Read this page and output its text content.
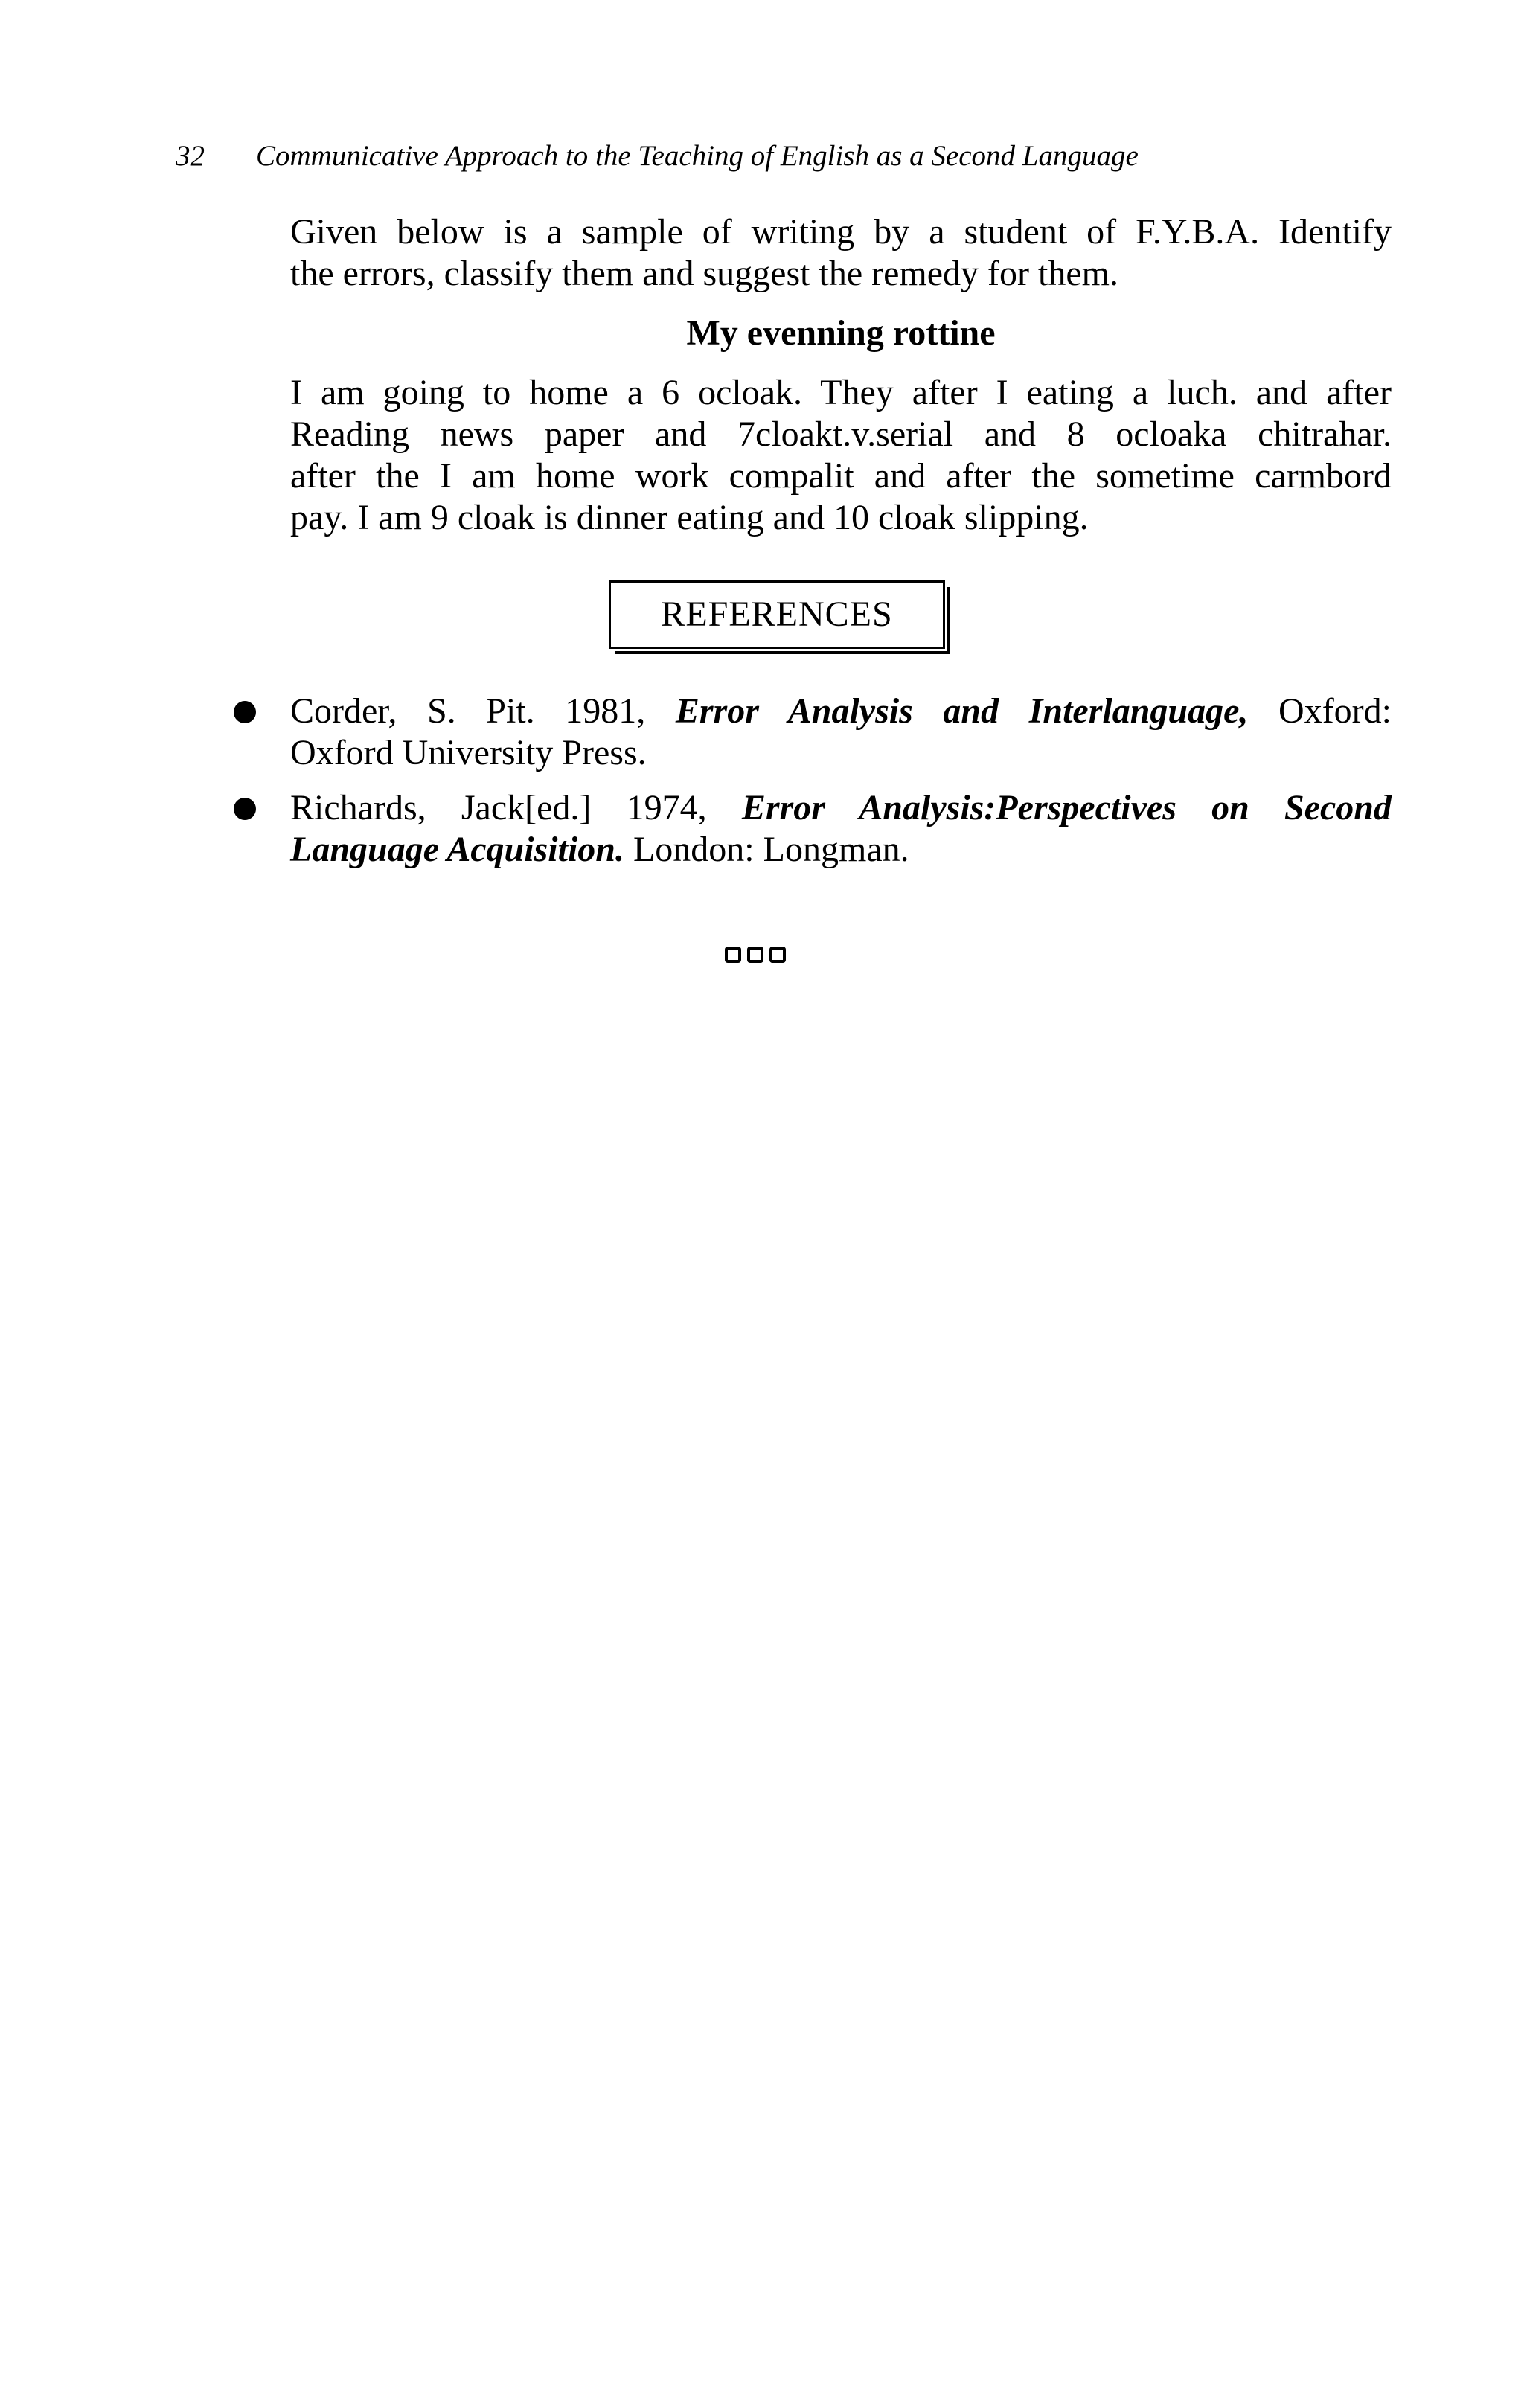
32 Communicative Approach to the Teaching of English as a Second Language
Given below is a sample of writing by a student of F.Y.B.A. Identify
the errors, classify them and suggest the remedy for them.
My evenning rottine
I am going to home a 6 ocloak. They after I eating a luch. and after
Reading news paper and 7cloakt.v.serial and 8 ocloaka chitrahar.
after the I am home work compalit and after the sometime carmbord
pay. I am 9 cloak is dinner eating and 10 cloak slipping.
REFERENCES
Corder, S. Pit. 1981, Error Analysis and Interlanguage, Oxford:
Oxford University Press.
Richards, Jack[ed.] 1974, Error Analysis:Perspectives on Second
Language Acquisition. London: Longman.
